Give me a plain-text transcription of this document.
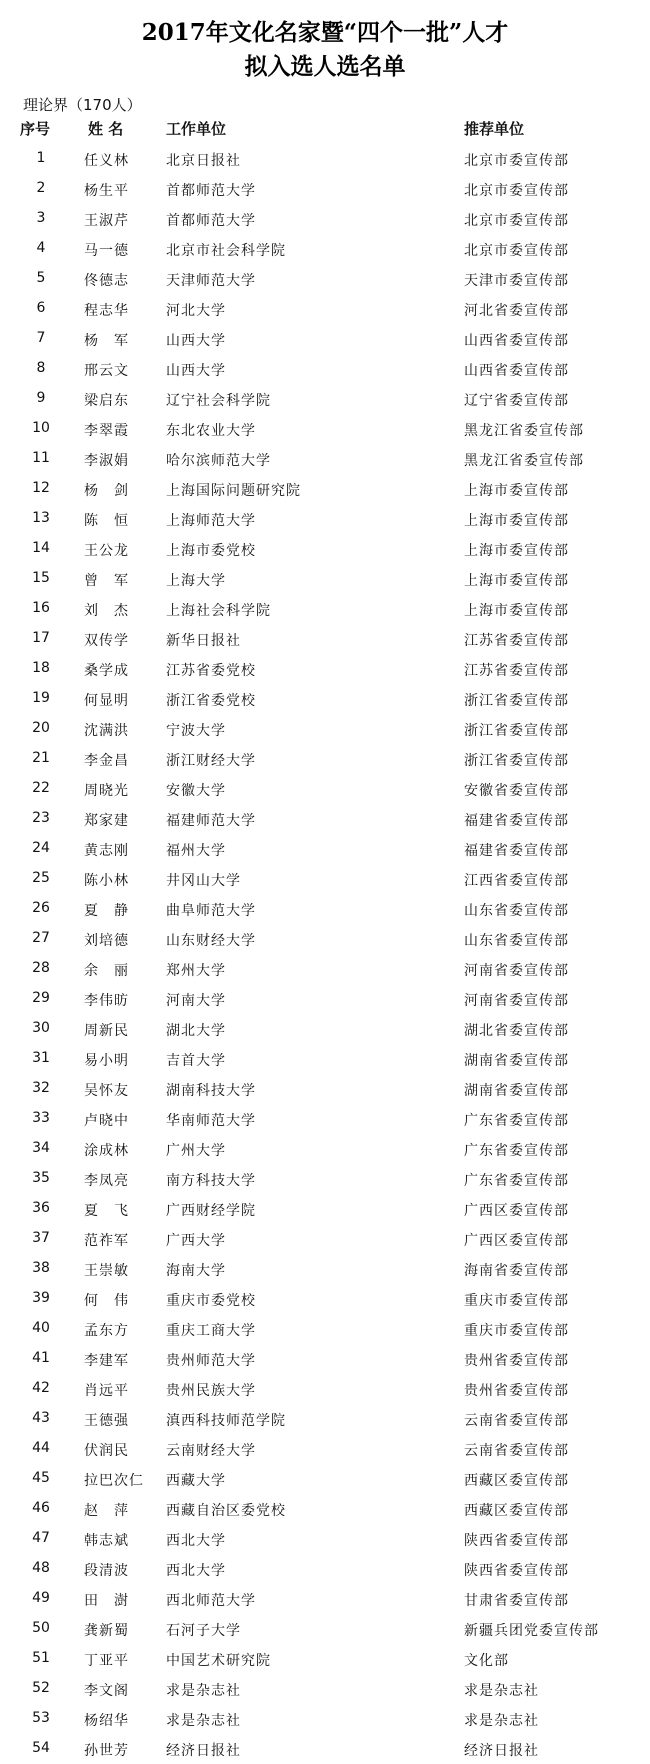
2017年文化名家暨“四个一批”人才
拟入选人选名单
理论界（170人）
序号	姓 名	工作单位	推荐单位
1	任义林	北京日报社	北京市委宣传部
2	杨生平	首都师范大学	北京市委宣传部
3	王淑芹	首都师范大学	北京市委宣传部
4	马一德	北京市社会科学院	北京市委宣传部
5	佟德志	天津师范大学	天津市委宣传部
6	程志华	河北大学	河北省委宣传部
7	杨　军	山西大学	山西省委宣传部
8	邢云文	山西大学	山西省委宣传部
9	梁启东	辽宁社会科学院	辽宁省委宣传部
10	李翠霞	东北农业大学	黑龙江省委宣传部
11	李淑娟	哈尔滨师范大学	黑龙江省委宣传部
12	杨　剑	上海国际问题研究院	上海市委宣传部
13	陈　恒	上海师范大学	上海市委宣传部
14	王公龙	上海市委党校	上海市委宣传部
15	曾　军	上海大学	上海市委宣传部
16	刘　杰	上海社会科学院	上海市委宣传部
17	双传学	新华日报社	江苏省委宣传部
18	桑学成	江苏省委党校	江苏省委宣传部
19	何显明	浙江省委党校	浙江省委宣传部
20	沈满洪	宁波大学	浙江省委宣传部
21	李金昌	浙江财经大学	浙江省委宣传部
22	周晓光	安徽大学	安徽省委宣传部
23	郑家建	福建师范大学	福建省委宣传部
24	黄志刚	福州大学	福建省委宣传部
25	陈小林	井冈山大学	江西省委宣传部
26	夏　静	曲阜师范大学	山东省委宣传部
27	刘培德	山东财经大学	山东省委宣传部
28	余　丽	郑州大学	河南省委宣传部
29	李伟昉	河南大学	河南省委宣传部
30	周新民	湖北大学	湖北省委宣传部
31	易小明	吉首大学	湖南省委宣传部
32	吴怀友	湖南科技大学	湖南省委宣传部
33	卢晓中	华南师范大学	广东省委宣传部
34	涂成林	广州大学	广东省委宣传部
35	李凤亮	南方科技大学	广东省委宣传部
36	夏　飞	广西财经学院	广西区委宣传部
37	范祚军	广西大学	广西区委宣传部
38	王崇敏	海南大学	海南省委宣传部
39	何　伟	重庆市委党校	重庆市委宣传部
40	孟东方	重庆工商大学	重庆市委宣传部
41	李建军	贵州师范大学	贵州省委宣传部
42	肖远平	贵州民族大学	贵州省委宣传部
43	王德强	滇西科技师范学院	云南省委宣传部
44	伏润民	云南财经大学	云南省委宣传部
45	拉巴次仁 西藏大学	西藏区委宣传部
46	赵　萍	西藏自治区委党校	西藏区委宣传部
47	韩志斌	西北大学	陕西省委宣传部
48	段清波	西北大学	陕西省委宣传部
49	田　澍	西北师范大学	甘肃省委宣传部
50	龚新蜀	石河子大学	新疆兵团党委宣传部
51	丁亚平	中国艺术研究院	文化部
52	李文阁	求是杂志社	求是杂志社
53	杨绍华	求是杂志社	求是杂志社
54	孙世芳	经济日报社	经济日报社
